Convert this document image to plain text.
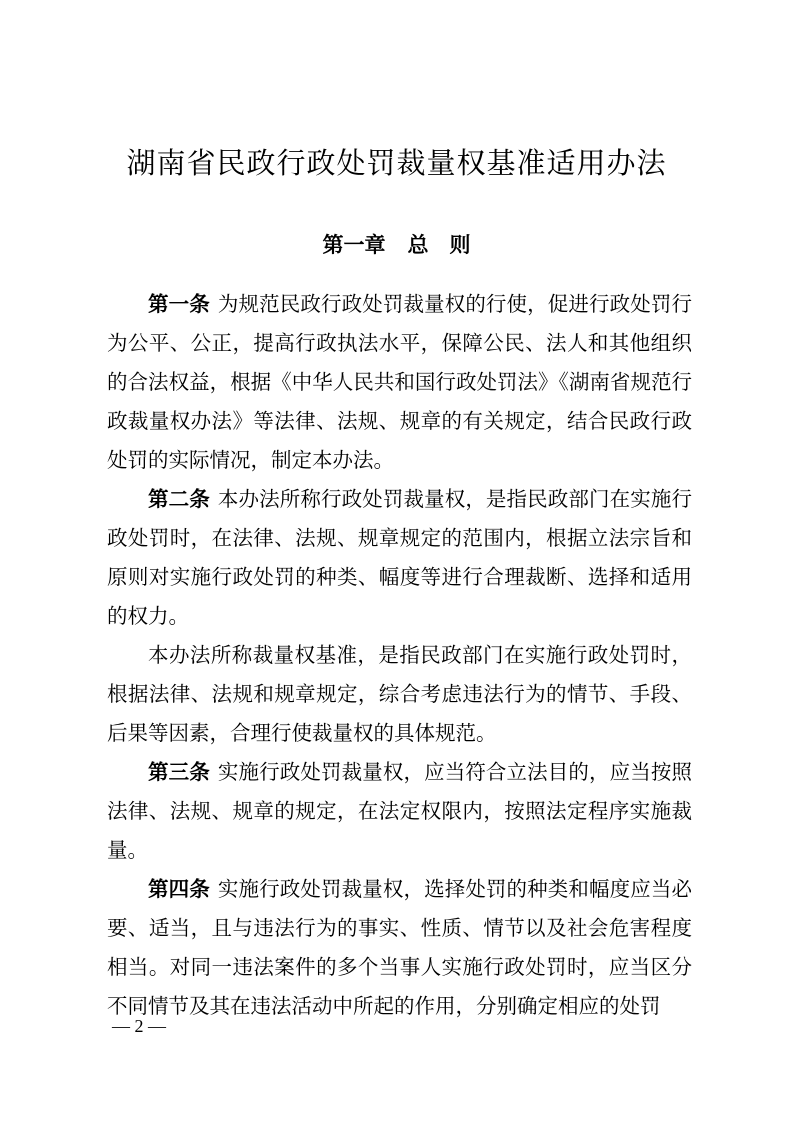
湖南省民政行政处罚裁量权基准适用办法
第一章 总　则

第一条 为规范民政行政处罚裁量权的行使，促进行政处罚行为公平、公正，提高行政执法水平，保障公民、法人和其他组织的合法权益，根据《中华人民共和国行政处罚法》《湖南省规范行政裁量权办法》等法律、法规、规章的有关规定，结合民政行政处罚的实际情况，制定本办法。

第二条 本办法所称行政处罚裁量权，是指民政部门在实施行政处罚时，在法律、法规、规章规定的范围内，根据立法宗旨和原则对实施行政处罚的种类、幅度等进行合理裁断、选择和适用的权力。

本办法所称裁量权基准，是指民政部门在实施行政处罚时，根据法律、法规和规章规定，综合考虑违法行为的情节、手段、后果等因素，合理行使裁量权的具体规范。

第三条 实施行政处罚裁量权，应当符合立法目的，应当按照法律、法规、规章的规定，在法定权限内，按照法定程序实施裁量。

第四条 实施行政处罚裁量权，选择处罚的种类和幅度应当必要、适当，且与违法行为的事实、性质、情节以及社会危害程度相当。对同一违法案件的多个当事人实施行政处罚时，应当区分不同情节及其在违法活动中所起的作用，分别确定相应的处罚

— 2 —
